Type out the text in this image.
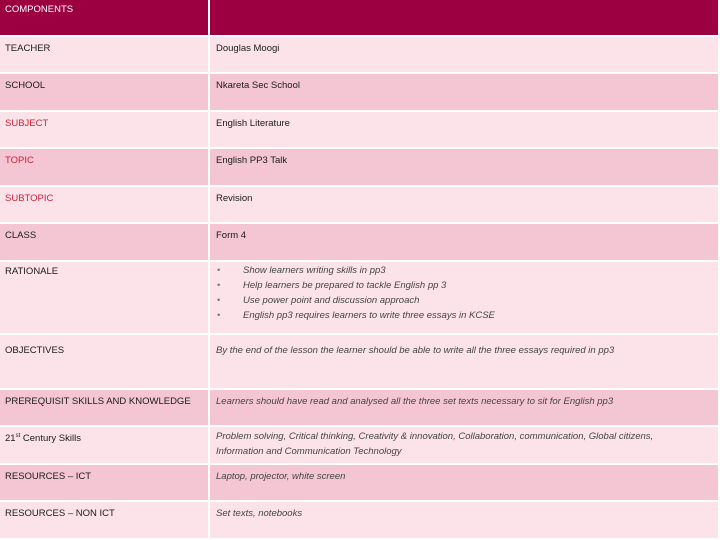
COMPONENTS
TEACHER	Douglas Moogi
SCHOOL	Nkareta Sec School
SUBJECT	English Literature
TOPIC	English PP3 Talk
SUBTOPIC	Revision
CLASS	Form 4
RATIONALE	• Show learners writing skills in pp3
• Help learners be prepared to tackle English pp 3
• Use power point and discussion approach
• English pp3 requires learners to write three essays in KCSE
OBJECTIVES	By the end of the lesson the learner should be able to write all the three essays required in pp3
PREREQUISIT SKILLS AND KNOWLEDGE	Learners should have read and analysed all the three set texts necessary to sit for English pp3
21st Century Skills	Problem solving, Critical thinking, Creativity & innovation, Collaboration, communication, Global citizens,
Information and Communication Technology
RESOURCES – ICT	Laptop, projector, white screen
RESOURCES – NON ICT	Set texts, notebooks
